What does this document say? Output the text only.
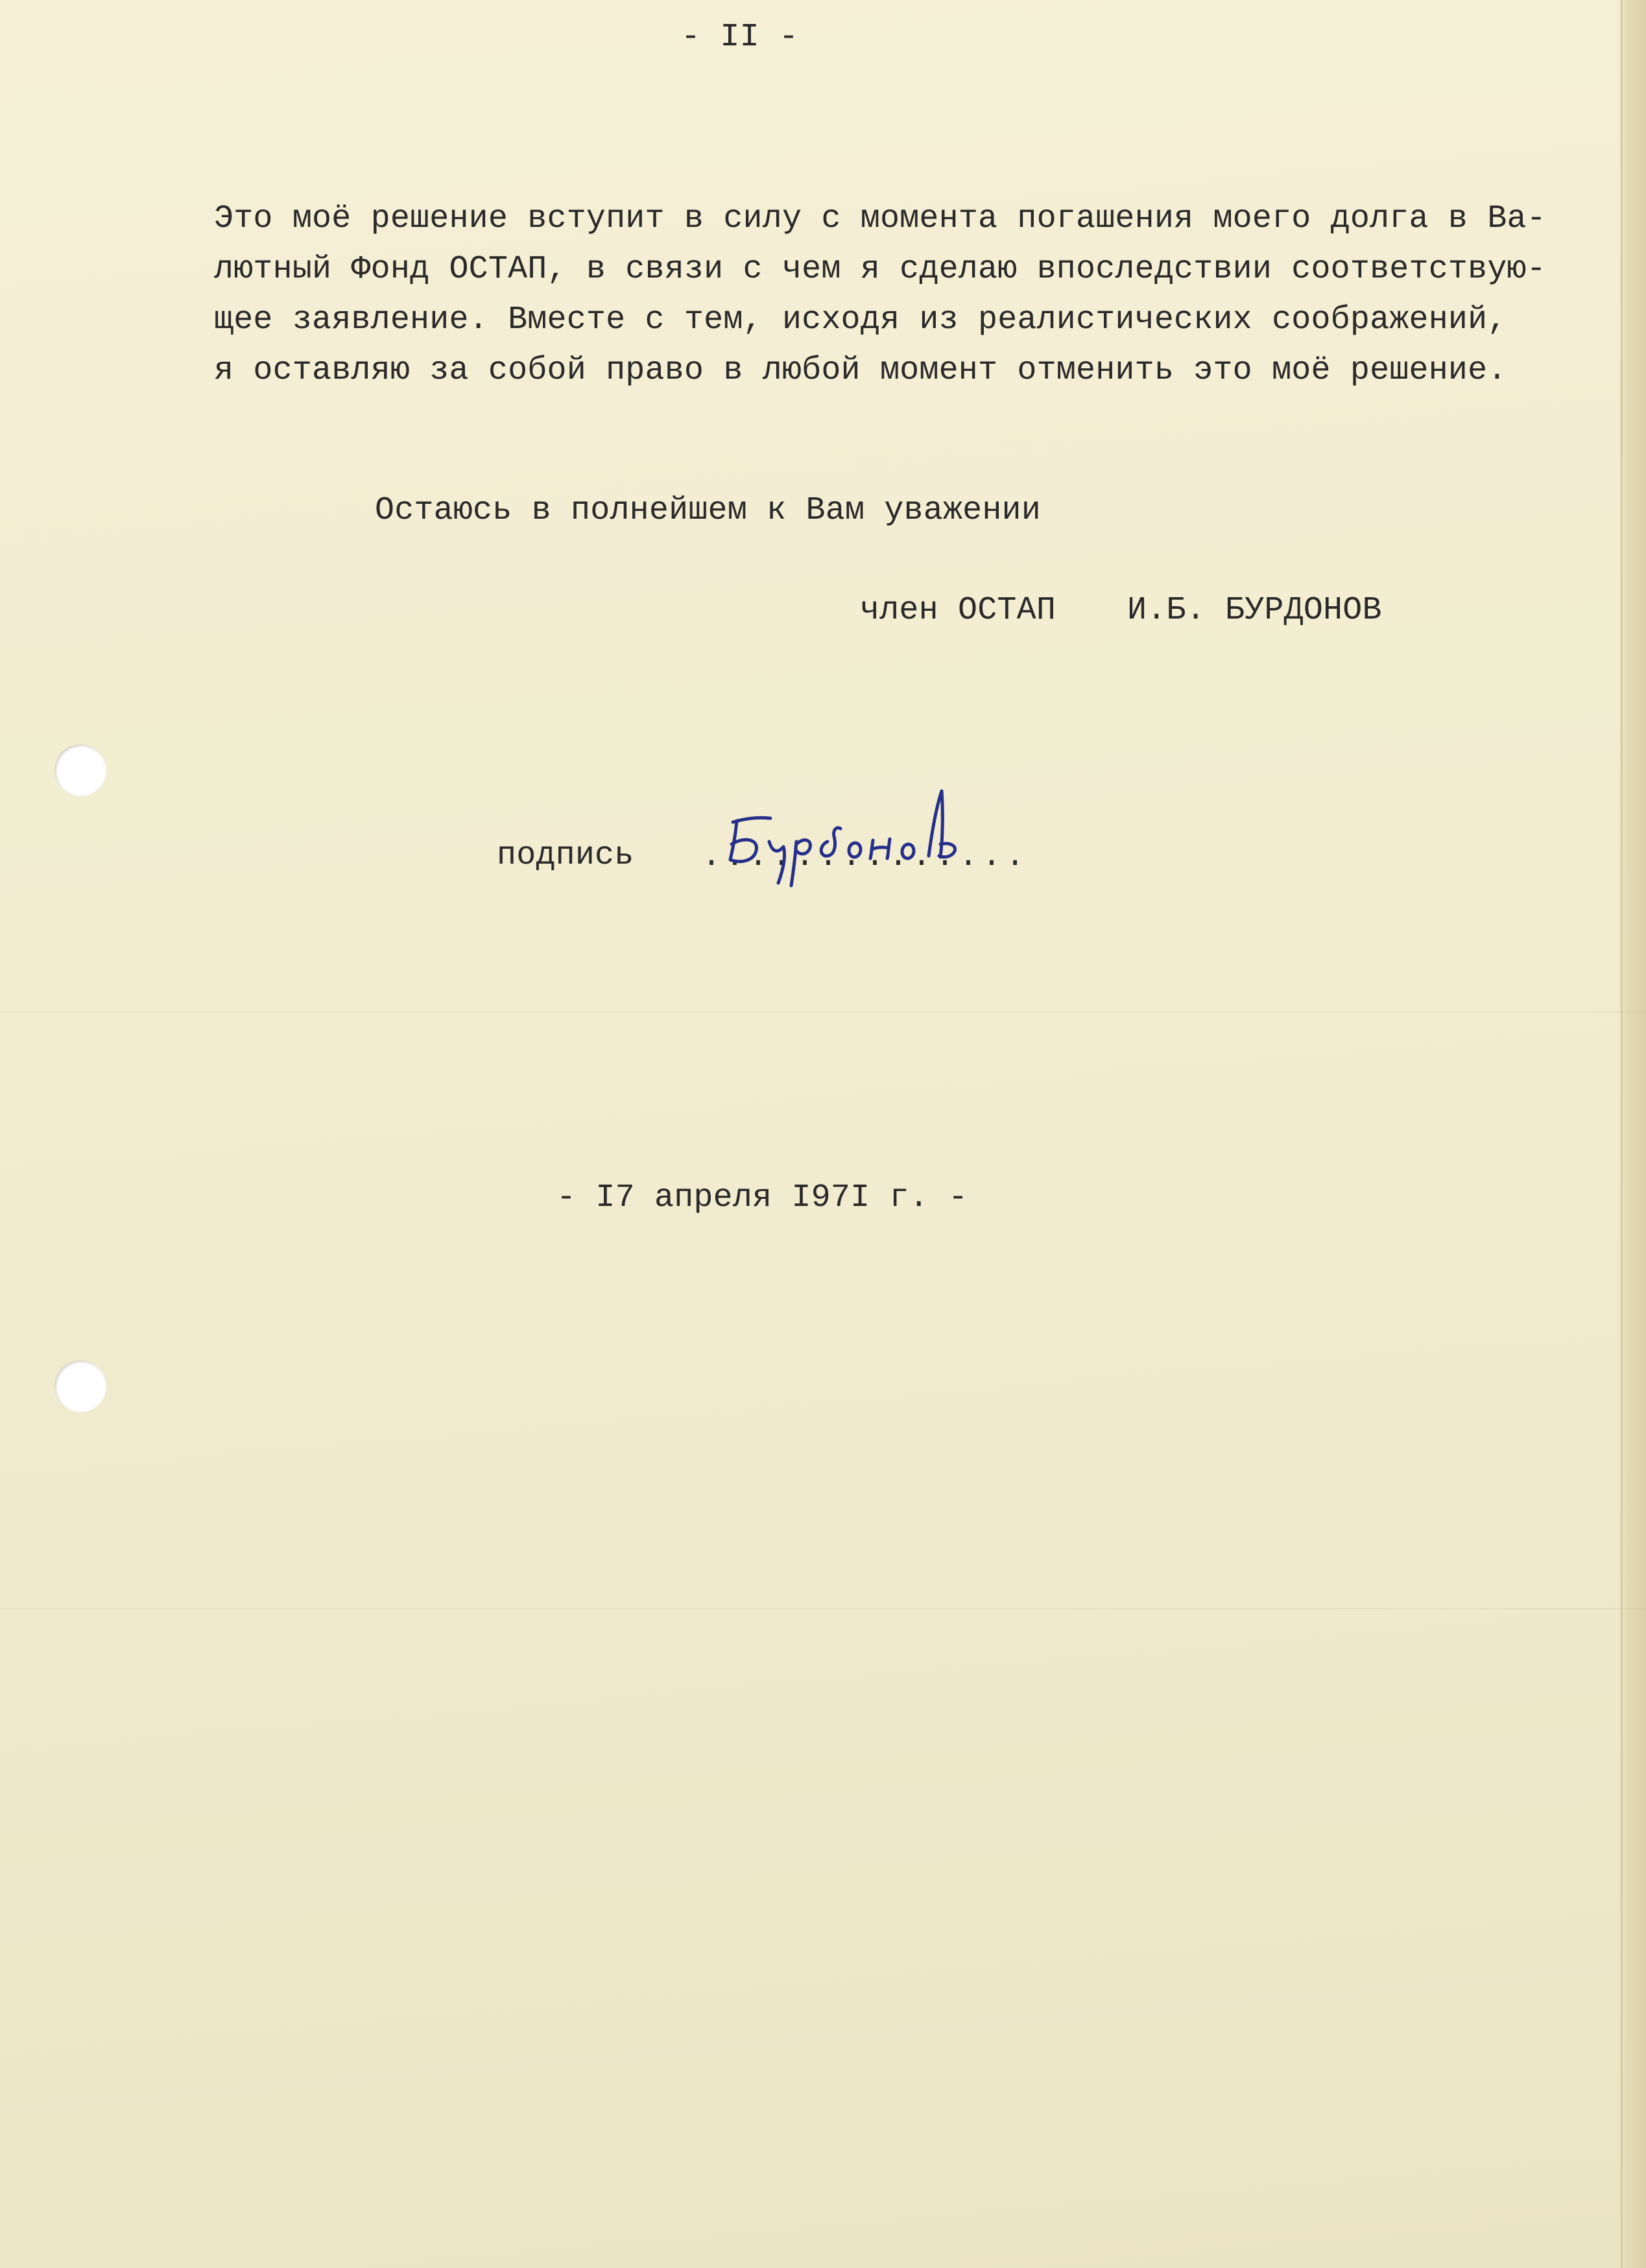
- II -
Это моё решение вступит в силу с момента погашения моего долга в Ва-
лютный Фонд ОСТАП, в связи с чем я сделаю впоследствии соответствую-
щее заявление. Вместе с тем, исходя из реалистических соображений,
я оставляю за собой право в любой момент отменить это моё решение.
Остаюсь в полнейшем к Вам уважении
член ОСТАП И.Б. БУРДОНОВ
подпись ..............
- I7 апреля I97I г. -
